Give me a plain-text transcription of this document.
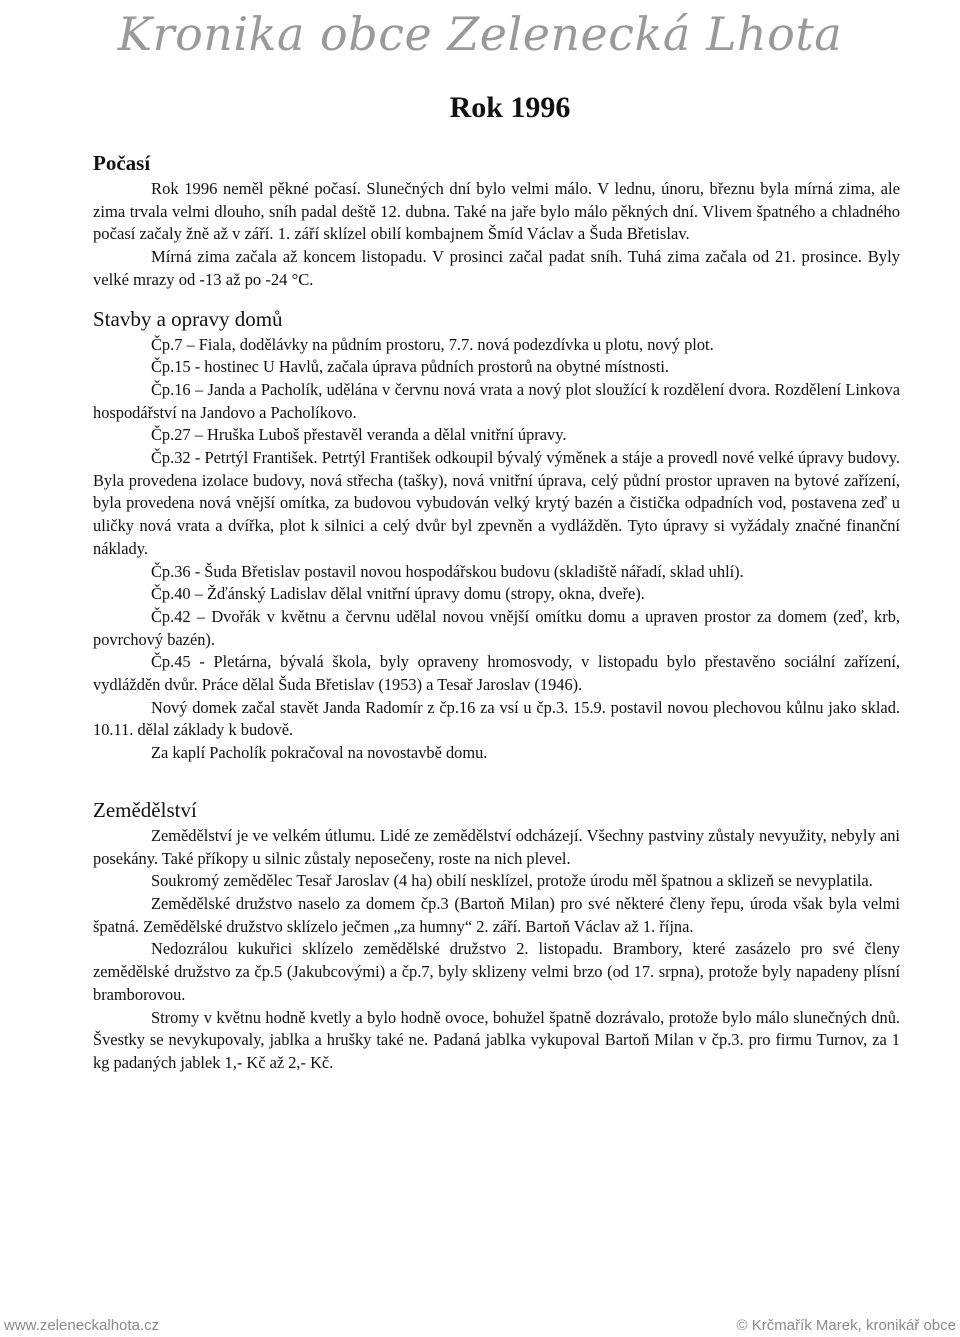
Kronika obce Zelenecká Lhota
Rok 1996
Počasí

Rok 1996 neměl pěkné počasí. Slunečných dní bylo velmi málo. V lednu, únoru, březnu byla mírná zima, ale zima trvala velmi dlouho, sníh padal deště 12. dubna. Také na jaře bylo málo pěkných dní. Vlivem špatného a chladného počasí začaly žně až v září. 1. září sklízel obilí kombajnem Šmíd Václav a Šuda Břetislav.

Mírná zima začala až koncem listopadu. V prosinci začal padat sníh. Tuhá zima začala od 21. prosince. Byly velké mrazy od -13 až po -24 °C.

Stavby a opravy domů

Čp.7 – Fiala, dodělávky na půdním prostoru, 7.7. nová podezdívka u plotu, nový plot.

Čp.15 - hostinec U Havlů, začala úprava půdních prostorů na obytné místnosti.

Čp.16 – Janda a Pacholík, udělána v červnu nová vrata a nový plot sloužící k rozdělení dvora. Rozdělení Linkova hospodářství na Jandovo a Pacholíkovo.

Čp.27 – Hruška Luboš přestavěl veranda a dělal vnitřní úpravy.

Čp.32 - Petrtýl František. Petrtýl František odkoupil bývalý výměnek a stáje a provedl nové velké úpravy budovy. Byla provedena izolace budovy, nová střecha (tašky), nová vnitřní úprava, celý půdní prostor upraven na bytové zařízení, byla provedena nová vnější omítka, za budovou vybudován velký krytý bazén a čistička odpadních vod, postavena zeď u uličky nová vrata a dvířka, plot k silnici a celý dvůr byl zpevněn a vydlážděn. Tyto úpravy si vyžádaly značné finanční náklady.

Čp.36 - Šuda Břetislav postavil novou hospodářskou budovu (skladiště nářadí, sklad uhlí).

Čp.40 – Žďánský Ladislav dělal vnitřní úpravy domu (stropy, okna, dveře).

Čp.42 – Dvořák v květnu a červnu udělal novou vnější omítku domu a upraven prostor za domem (zeď, krb, povrchový bazén).

Čp.45 - Pletárna, bývalá škola, byly opraveny hromosvody, v listopadu bylo přestavěno sociální zařízení, vydlážděn dvůr. Práce dělal Šuda Břetislav (1953) a Tesař Jaroslav (1946).

Nový domek začal stavět Janda Radomír z čp.16 za vsí u čp.3. 15.9. postavil novou plechovou kůlnu jako sklad. 10.11. dělal základy k budově.

Za kaplí Pacholík pokračoval na novostavbě domu.

Zemědělství

Zemědělství je ve velkém útlumu. Lidé ze zemědělství odcházejí. Všechny pastviny zůstaly nevyužity, nebyly ani posekány. Také příkopy u silnic zůstaly neposečeny, roste na nich plevel.

Soukromý zemědělec Tesař Jaroslav (4 ha) obilí nesklízel, protože úrodu měl špatnou a sklizeň se nevyplatila.

Zemědělské družstvo naselo za domem čp.3 (Bartoň Milan) pro své některé členy řepu, úroda však byla velmi špatná. Zemědělské družstvo sklízelo ječmen „za humny“ 2. září. Bartoň Václav až 1. října.

Nedozrálou kukuřici sklízelo zemědělské družstvo 2. listopadu. Brambory, které zasázelo pro své členy zemědělské družstvo za čp.5 (Jakubcovými) a čp.7, byly sklizeny velmi brzo (od 17. srpna), protože byly napadeny plísní bramborovou.

Stromy v květnu hodně kvetly a bylo hodně ovoce, bohužel špatně dozrávalo, protože bylo málo slunečných dnů. Švestky se nevykupovaly, jablka a hrušky také ne. Padaná jablka vykupoval Bartoň Milan v čp.3. pro firmu Turnov, za 1 kg padaných jablek 1,- Kč až 2,- Kč.

www.zeleneckalhota.cz	© Krčmařík Marek, kronikář obce
